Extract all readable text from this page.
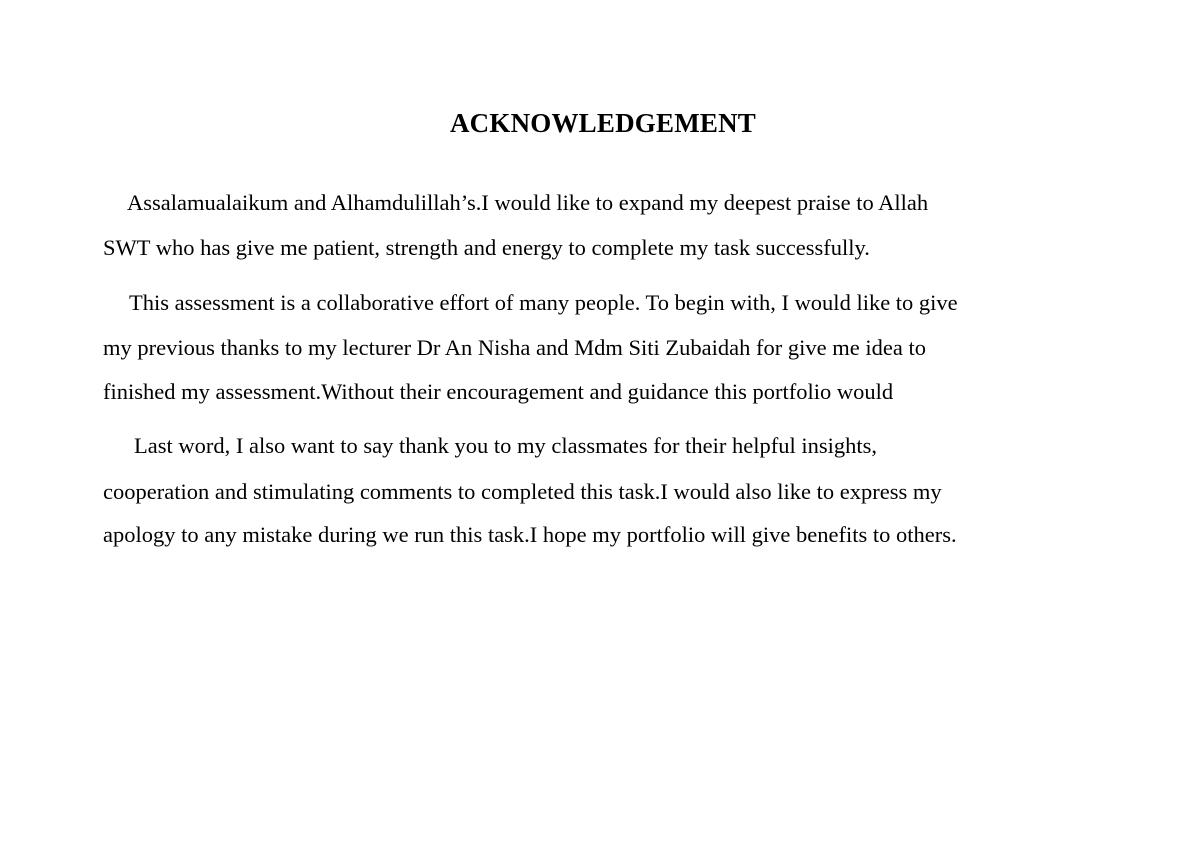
ACKNOWLEDGEMENT
Assalamualaikum and Alhamdulillah’s.I would like to expand my deepest praise to Allah
SWT who has give me patient, strength and energy to complete my task successfully.
This assessment is a collaborative effort of many people. To begin with, I would like to give
my previous thanks to my lecturer Dr An Nisha and Mdm Siti Zubaidah for give me idea to
finished my assessment.Without their encouragement and guidance this portfolio would
Last word, I also want to say thank you to my classmates for their helpful insights,
cooperation and stimulating comments to completed this task.I would also like to express my
apology to any mistake during we run this task.I hope my portfolio will give benefits to others.
